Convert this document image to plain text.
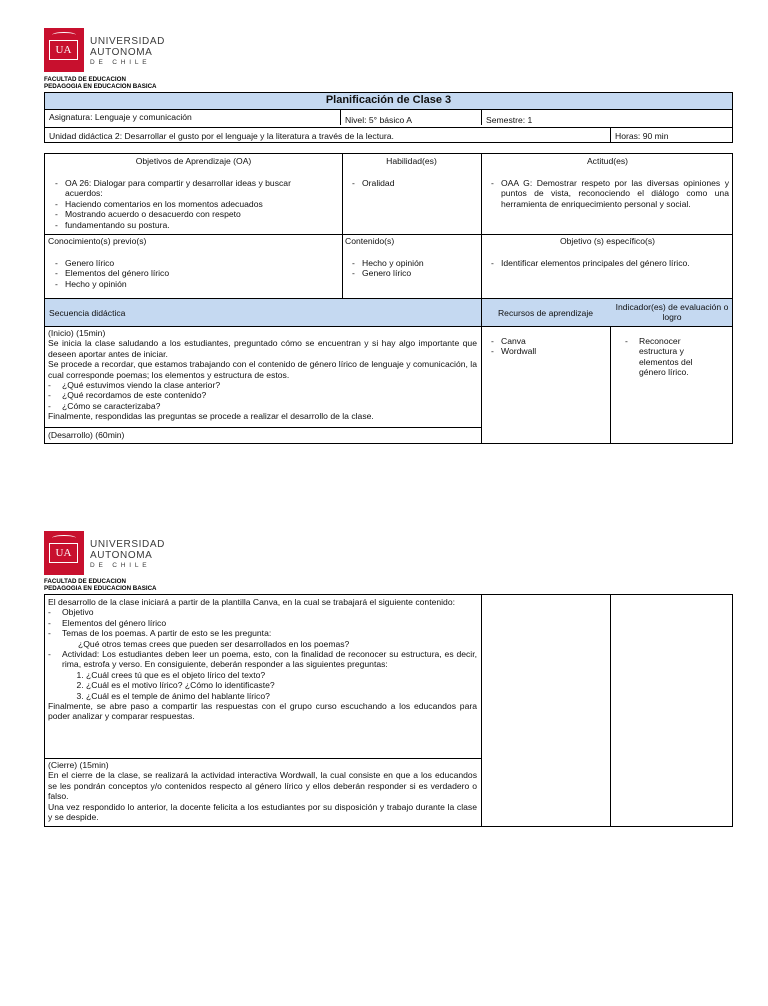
UA
UNIVERSIDAD
AUTONOMA
DE CHILE
FACULTAD DE EDUCACION
PEDAGOGIA EN EDUCACION BASICA
Planificación de Clase 3
Asignatura: Lenguaje y comunicación	Nivel: 5° básico A	Semestre: 1
Unidad didáctica 2: Desarrollar el gusto por el lenguaje y la literatura a través de la lectura.	Horas: 90 min
Objetivos de Aprendizaje (OA)	Habilidad(es)	Actitud(es)
- OA 26: Dialogar para compartir y desarrollar ideas y buscar acuerdos:
- Haciendo comentarios en los momentos adecuados
- Mostrando acuerdo o desacuerdo con respeto
- fundamentando su postura.
- Oralidad
-	OAA G: Demostrar respeto por las diversas opiniones y puntos de vista, reconociendo el diálogo como una herramienta de enriquecimiento personal y social.
Conocimiento(s) previo(s)	Contenido(s)	Objetivo (s) específico(s)
- Genero lírico
- Elementos del género lírico
- Hecho y opinión
- Hecho y opinión
- Genero lírico
- Identificar elementos principales del género lírico.
Secuencia didáctica	Recursos de aprendizaje
Indicador(es) de evaluación o logro

(Inicio) (15min)

Se inicia la clase saludando a los estudiantes, preguntado cómo se encuentran y si hay algo importante que deseen aportar antes de iniciar.

Se procede a recordar, que estamos trabajando con el contenido de género lírico de lenguaje y comunicación, la cual corresponde poemas; los elementos y estructura de estos.

- ¿Qué estuvimos viendo la clase anterior?
- ¿Qué recordamos de este contenido?
- ¿Cómo se caracterizaba?

Finalmente, respondidas las preguntas se procede a realizar el desarrollo de la clase.

(Desarrollo) (60min)
- Canva
- Wordwall
- Reconocer estructura y elementos del género lírico.
UA
UNIVERSIDAD
AUTONOMA
DE CHILE
FACULTAD DE EDUCACION
PEDAGOGIA EN EDUCACION BASICA

El desarrollo de la clase iniciará a partir de la plantilla Canva, en la cual se trabajará el siguiente contenido:

- Objetivo
- Elementos del género lírico
- Temas de los poemas. A partir de esto se les pregunta:

¿Qué otros temas crees que pueden ser desarrollados en los poemas?

- Actividad: Los estudiantes deben leer un poema, esto, con la finalidad de reconocer su estructura, es decir, rima, estrofa y verso. En consiguiente, deberán responder a las siguientes preguntas:
1. ¿Cuál crees tú que es el objeto lírico del texto?
2. ¿Cuál es el motivo lírico? ¿Cómo lo identificaste?
3. ¿Cuál es el temple de ánimo del hablante lírico?

Finalmente, se abre paso a compartir las respuestas con el grupo curso escuchando a los educandos para poder analizar y comparar respuestas.

(Cierre) (15min)

En el cierre de la clase, se realizará la actividad interactiva Wordwall, la cual consiste en que a los educandos se les pondrán conceptos y/o contenidos respecto al género lírico y ellos deberán responder si es verdadero o falso.

Una vez respondido lo anterior, la docente felicita a los estudiantes por su disposición y trabajo durante la clase y se despide.
